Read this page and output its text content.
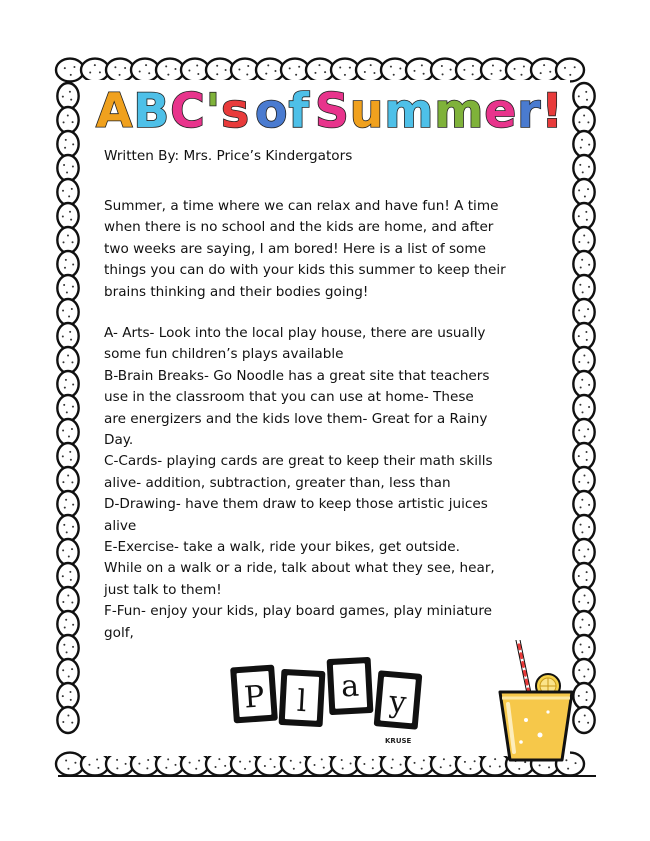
ABC's of Summer!
Written By: Mrs. Price’s Kindergators

Summer, a time where we can relax and have fun! A time

when there is no school and the kids are home, and after

two weeks are saying, I am bored! Here is a list of some

things you can do with your kids this summer to keep their

brains thinking and their bodies going!

A- Arts- Look into the local play house, there are usually

some fun children’s plays available

B-Brain Breaks- Go Noodle has a great site that teachers

use in the classroom that you can use at home- These

are energizers and the kids love them- Great for a Rainy

Day.

C-Cards- playing cards are great to keep their math skills

alive- addition, subtraction, greater than, less than

D-Drawing- have them draw to keep those artistic juices

alive

E-Exercise- take a walk, ride your bikes, get outside.

While on a walk or a ride, talk about what they see, hear,

just talk to them!

F-Fun- enjoy your kids, play board games, play miniature

golf,

P l a y
KRUSE
